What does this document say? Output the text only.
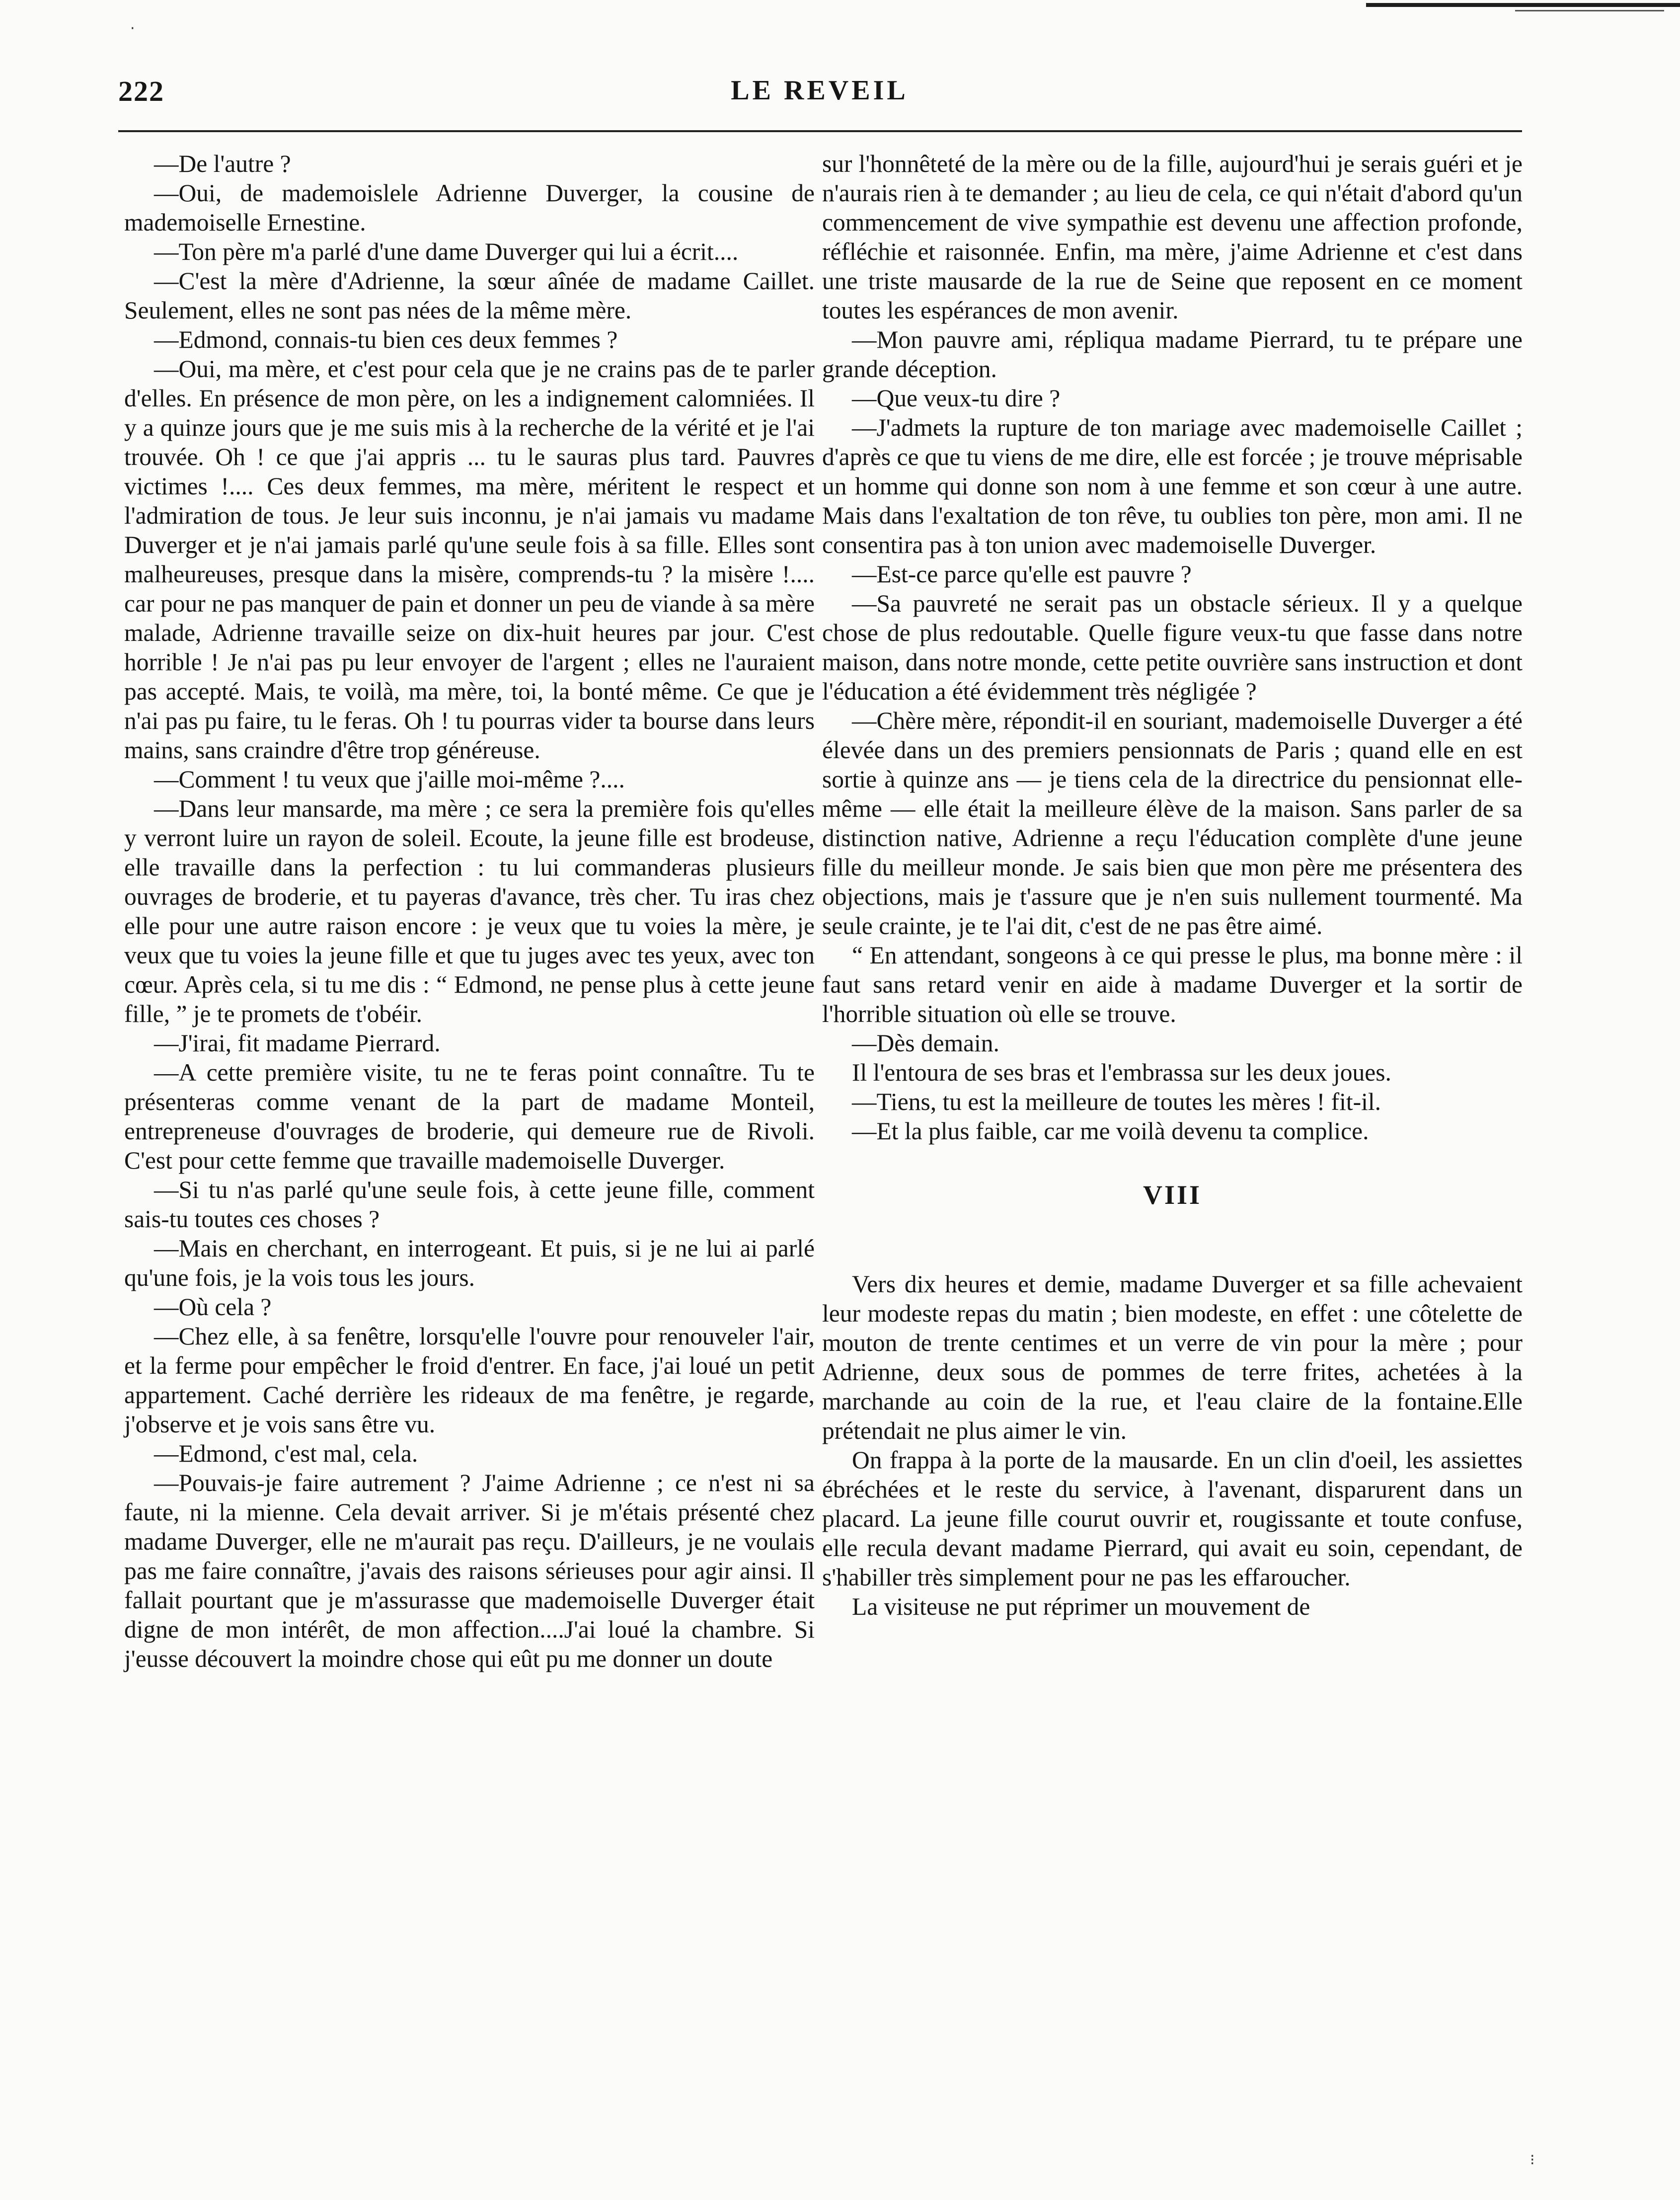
·
222	LE REVEIL

—De l'autre ?

—Oui, de mademoislele Adrienne Duverger, la cousine de mademoiselle Ernestine.

—Ton père m'a parlé d'une dame Duverger qui lui a écrit....

—C'est la mère d'Adrienne, la sœur aînée de madame Caillet. Seulement, elles ne sont pas nées de la même mère.

—Edmond, connais-tu bien ces deux femmes ?

—Oui, ma mère, et c'est pour cela que je ne crains pas de te parler d'elles. En présence de mon père, on les a indignement calomniées. Il y a quinze jours que je me suis mis à la recherche de la vérité et je l'ai trouvée. Oh ! ce que j'ai appris ... tu le sauras plus tard. Pauvres victimes !.... Ces deux femmes, ma mère, méritent le respect et l'admiration de tous. Je leur suis inconnu, je n'ai jamais vu madame Duverger et je n'ai jamais parlé qu'une seule fois à sa fille. Elles sont malheureuses, presque dans la misère, comprends-tu ? la misère !.... car pour ne pas manquer de pain et donner un peu de viande à sa mère malade, Adrienne travaille seize on dix-huit heures par jour. C'est horrible ! Je n'ai pas pu leur envoyer de l'argent ; elles ne l'auraient pas accepté. Mais, te voilà, ma mère, toi, la bonté même. Ce que je n'ai pas pu faire, tu le feras. Oh ! tu pourras vider ta bourse dans leurs mains, sans craindre d'être trop généreuse.

—Comment ! tu veux que j'aille moi-même ?....

—Dans leur mansarde, ma mère ; ce sera la première fois qu'elles y verront luire un rayon de soleil. Ecoute, la jeune fille est brodeuse, elle travaille dans la perfection : tu lui commanderas plusieurs ouvrages de broderie, et tu payeras d'avance, très cher. Tu iras chez elle pour une autre raison encore : je veux que tu voies la mère, je veux que tu voies la jeune fille et que tu juges avec tes yeux, avec ton cœur. Après cela, si tu me dis : “ Edmond, ne pense plus à cette jeune fille, ” je te promets de t'obéir.

—J'irai, fit madame Pierrard.

—A cette première visite, tu ne te feras point connaître. Tu te présenteras comme venant de la part de madame Monteil, entrepreneuse d'ouvrages de broderie, qui demeure rue de Rivoli. C'est pour cette femme que travaille mademoiselle Duverger.

—Si tu n'as parlé qu'une seule fois, à cette jeune fille, comment sais-tu toutes ces choses ?

—Mais en cherchant, en interrogeant. Et puis, si je ne lui ai parlé qu'une fois, je la vois tous les jours.

—Où cela ?

—Chez elle, à sa fenêtre, lorsqu'elle l'ouvre pour renouveler l'air, et la ferme pour empêcher le froid d'entrer. En face, j'ai loué un petit appartement. Caché derrière les rideaux de ma fenêtre, je regarde, j'observe et je vois sans être vu.

—Edmond, c'est mal, cela.

—Pouvais-je faire autrement ? J'aime Adrienne ; ce n'est ni sa faute, ni la mienne. Cela devait arriver. Si je m'étais présenté chez madame Duverger, elle ne m'aurait pas reçu. D'ailleurs, je ne voulais pas me faire connaître, j'avais des raisons sérieuses pour agir ainsi. Il fallait pourtant que je m'assurasse que mademoiselle Duverger était digne de mon intérêt, de mon affection....J'ai loué la chambre. Si j'eusse découvert la moindre chose qui eût pu me donner un doute

sur l'honnêteté de la mère ou de la fille, aujourd'hui je serais guéri et je n'aurais rien à te demander ; au lieu de cela, ce qui n'était d'abord qu'un commencement de vive sympathie est devenu une affection profonde, réfléchie et raisonnée. Enfin, ma mère, j'aime Adrienne et c'est dans une triste mausarde de la rue de Seine que reposent en ce moment toutes les espérances de mon avenir.

—Mon pauvre ami, répliqua madame Pierrard, tu te prépare une grande déception.

—Que veux-tu dire ?

—J'admets la rupture de ton mariage avec mademoiselle Caillet ; d'après ce que tu viens de me dire, elle est forcée ; je trouve méprisable un homme qui donne son nom à une femme et son cœur à une autre. Mais dans l'exaltation de ton rêve, tu oublies ton père, mon ami. Il ne consentira pas à ton union avec mademoiselle Duverger.

—Est-ce parce qu'elle est pauvre ?

—Sa pauvreté ne serait pas un obstacle sérieux. Il y a quelque chose de plus redoutable. Quelle figure veux-tu que fasse dans notre maison, dans notre monde, cette petite ouvrière sans instruction et dont l'éducation a été évidemment très négligée ?

—Chère mère, répondit-il en souriant, mademoiselle Duverger a été élevée dans un des premiers pensionnats de Paris ; quand elle en est sortie à quinze ans — je tiens cela de la directrice du pensionnat elle-même — elle était la meilleure élève de la maison. Sans parler de sa distinction native, Adrienne a reçu l'éducation complète d'une jeune fille du meilleur monde. Je sais bien que mon père me présentera des objections, mais je t'assure que je n'en suis nullement tourmenté. Ma seule crainte, je te l'ai dit, c'est de ne pas être aimé.

“ En attendant, songeons à ce qui presse le plus, ma bonne mère : il faut sans retard venir en aide à madame Duverger et la sortir de l'horrible situation où elle se trouve.

—Dès demain.

Il l'entoura de ses bras et l'embrassa sur les deux joues.

—Tiens, tu est la meilleure de toutes les mères ! fit-il.

—Et la plus faible, car me voilà devenu ta complice.

VIII

Vers dix heures et demie, madame Duverger et sa fille achevaient leur modeste repas du matin ; bien modeste, en effet : une côtelette de mouton de trente centimes et un verre de vin pour la mère ; pour Adrienne, deux sous de pommes de terre frites, achetées à la marchande au coin de la rue, et l'eau claire de la fontaine.Elle prétendait ne plus aimer le vin.

On frappa à la porte de la mausarde. En un clin d'oeil, les assiettes ébréchées et le reste du service, à l'avenant, disparurent dans un placard. La jeune fille courut ouvrir et, rougissante et toute confuse, elle recula devant madame Pierrard, qui avait eu soin, cependant, de s'habiller très simplement pour ne pas les effaroucher.

La visiteuse ne put réprimer un mouvement de

⁝
